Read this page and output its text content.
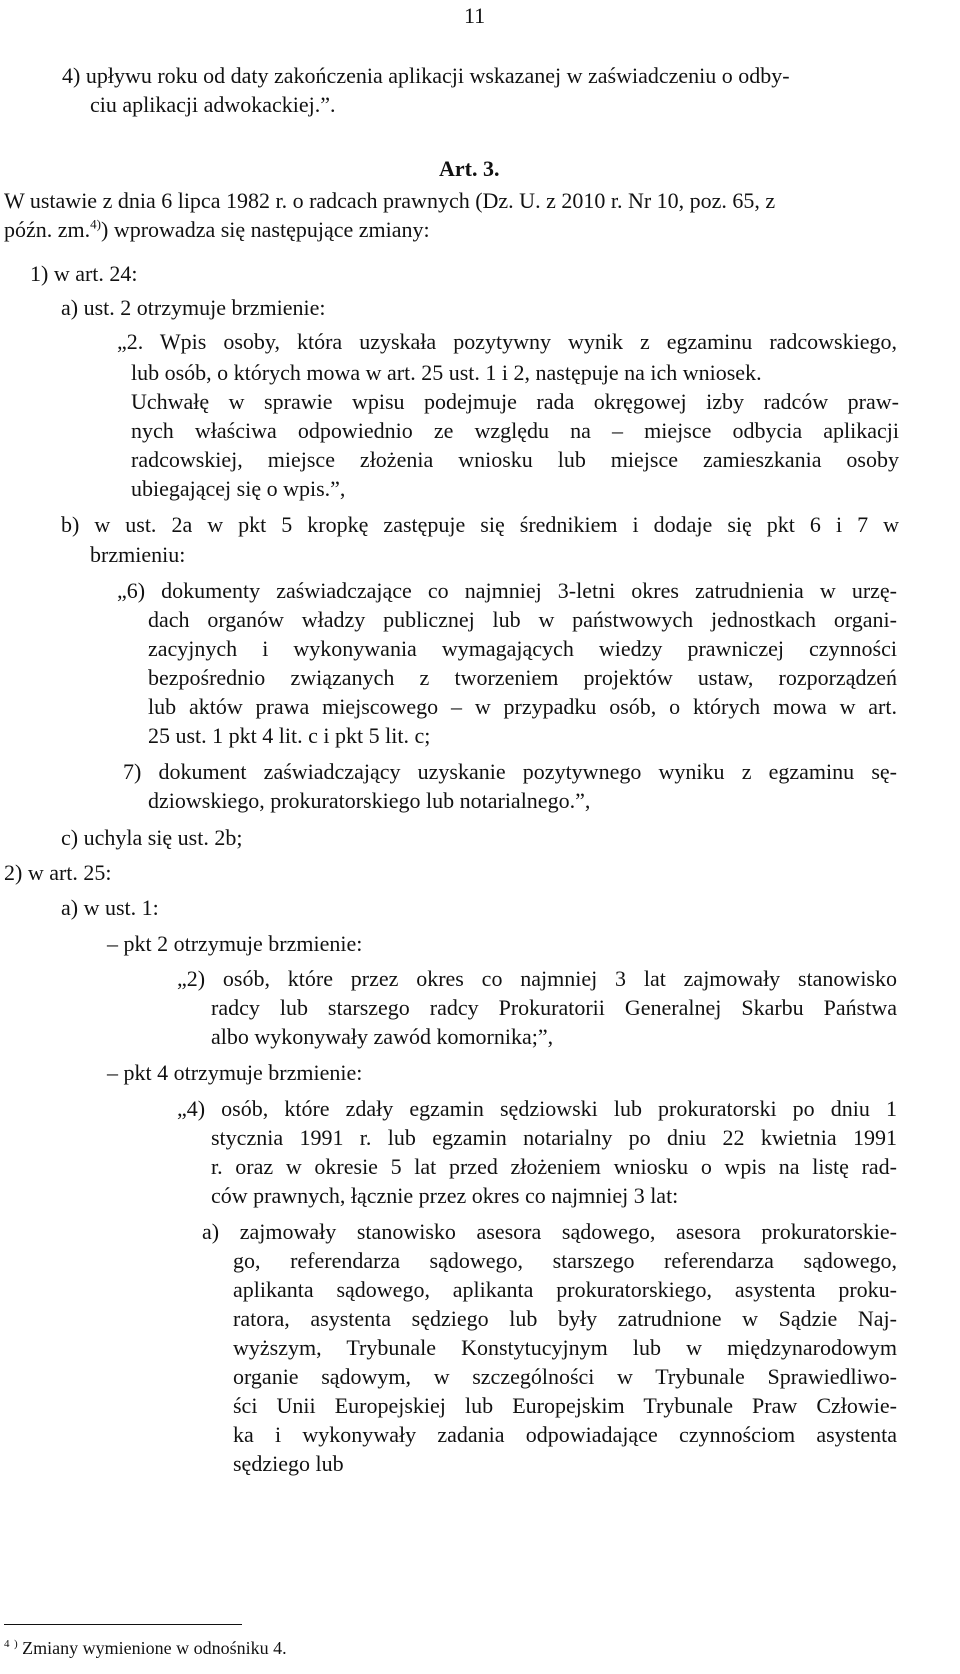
11
4) upływu roku od daty zakończenia aplikacji wskazanej w zaświadczeniu o odby-
ciu aplikacji adwokackiej.”.
Art. 3.
W ustawie z dnia 6 lipca 1982 r. o radcach prawnych (Dz. U. z 2010 r. Nr 10, poz. 65, z
późn. zm.$^{4)}$) wprowadza się następujące zmiany:
1) w art. 24:
a) ust. 2 otrzymuje brzmienie:
„2. Wpis osoby, która uzyskała pozytywny wynik z egzaminu radcowskiego,
lub osób, o których mowa w art. 25 ust. 1 i 2, następuje na ich wniosek.
Uchwałę w sprawie wpisu podejmuje rada okręgowej izby radców praw-
nych właściwa odpowiednio ze względu na – miejsce odbycia aplikacji
radcowskiej, miejsce złożenia wniosku lub miejsce zamieszkania osoby
ubiegającej się o wpis.”,
b) w ust. 2a w pkt 5 kropkę zastępuje się średnikiem i dodaje się pkt 6 i 7 w
brzmieniu:
„6) dokumenty zaświadczające co najmniej 3-letni okres zatrudnienia w urzę-
dach organów władzy publicznej lub w państwowych jednostkach organi-
zacyjnych i wykonywania wymagających wiedzy prawniczej czynności
bezpośrednio związanych z tworzeniem projektów ustaw, rozporządzeń
lub aktów prawa miejscowego – w przypadku osób, o których mowa w art.
25 ust. 1 pkt 4 lit. c i pkt 5 lit. c;
7) dokument zaświadczający uzyskanie pozytywnego wyniku z egzaminu sę-
dziowskiego, prokuratorskiego lub notarialnego.”,
c) uchyla się ust. 2b;
2) w art. 25:
a) w ust. 1:
– pkt 2 otrzymuje brzmienie:
„2) osób, które przez okres co najmniej 3 lat zajmowały stanowisko
radcy lub starszego radcy Prokuratorii Generalnej Skarbu Państwa
albo wykonywały zawód komornika;”,
– pkt 4 otrzymuje brzmienie:
„4) osób, które zdały egzamin sędziowski lub prokuratorski po dniu 1
stycznia 1991 r. lub egzamin notarialny po dniu 22 kwietnia 1991
r. oraz w okresie 5 lat przed złożeniem wniosku o wpis na listę rad-
ców prawnych, łącznie przez okres co najmniej 3 lat:
a) zajmowały stanowisko asesora sądowego, asesora prokuratorskie-
go, referendarza sądowego, starszego referendarza sądowego,
aplikanta sądowego, aplikanta prokuratorskiego, asystenta proku-
ratora, asystenta sędziego lub były zatrudnione w Sądzie Naj-
wyższym, Trybunale Konstytucyjnym lub w międzynarodowym
organie sądowym, w szczególności w Trybunale Sprawiedliwo-
ści Unii Europejskiej lub Europejskim Trybunale Praw Człowie-
ka i wykonywały zadania odpowiadające czynnościom asystenta
sędziego lub
$^4$ ) Zmiany wymienione w odnośniku 4.
